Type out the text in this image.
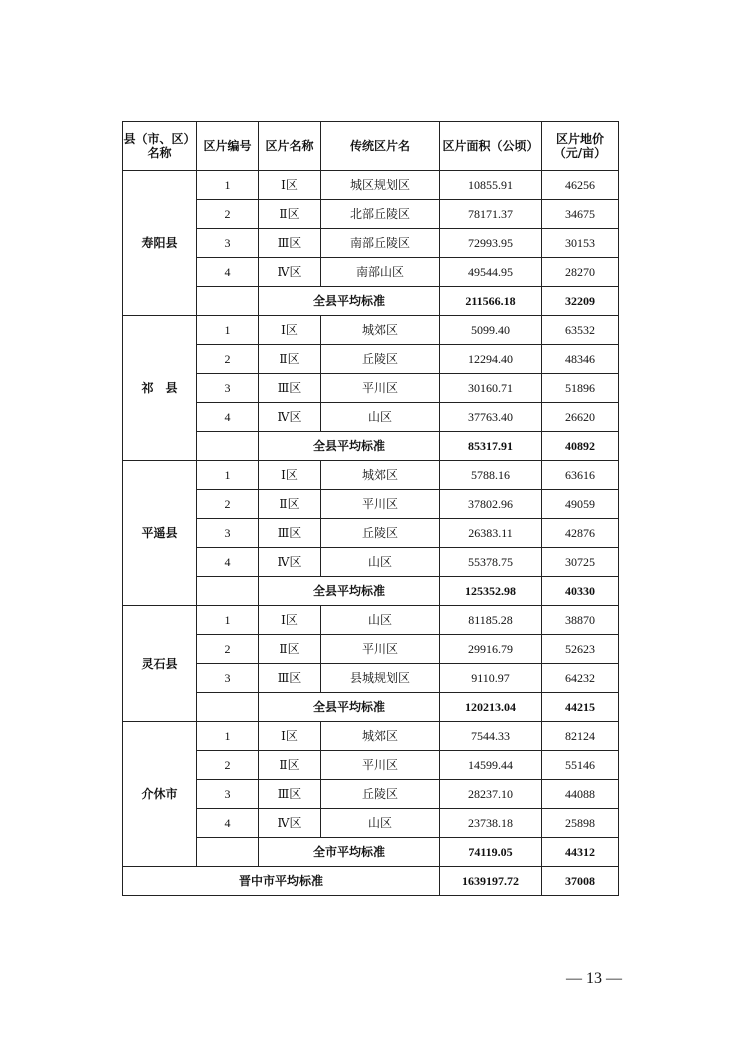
县（市、区）名称	区片编号	区片名称	传统区片名	区片面积（公顷）	区片地价（元/亩）
寿阳县	1	Ⅰ区	城区规划区	10855.91	46256
	2	Ⅱ区	北部丘陵区	78171.37	34675
	3	Ⅲ区	南部丘陵区	72993.95	30153
	4	Ⅳ区	南部山区	49544.95	28270
		全县平均标准		211566.18	32209
祁　县	1	Ⅰ区	城郊区	5099.40	63532
	2	Ⅱ区	丘陵区	12294.40	48346
	3	Ⅲ区	平川区	30160.71	51896
	4	Ⅳ区	山区	37763.40	26620
		全县平均标准		85317.91	40892
平遥县	1	Ⅰ区	城郊区	5788.16	63616
	2	Ⅱ区	平川区	37802.96	49059
	3	Ⅲ区	丘陵区	26383.11	42876
	4	Ⅳ区	山区	55378.75	30725
		全县平均标准		125352.98	40330
灵石县	1	Ⅰ区	山区	81185.28	38870
	2	Ⅱ区	平川区	29916.79	52623
	3	Ⅲ区	县城规划区	9110.97	64232
		全县平均标准		120213.04	44215
介休市	1	Ⅰ区	城郊区	7544.33	82124
	2	Ⅱ区	平川区	14599.44	55146
	3	Ⅲ区	丘陵区	28237.10	44088
	4	Ⅳ区	山区	23738.18	25898
		全市平均标准		74119.05	44312
晋中市平均标准				1639197.72	37008
— 13 —
